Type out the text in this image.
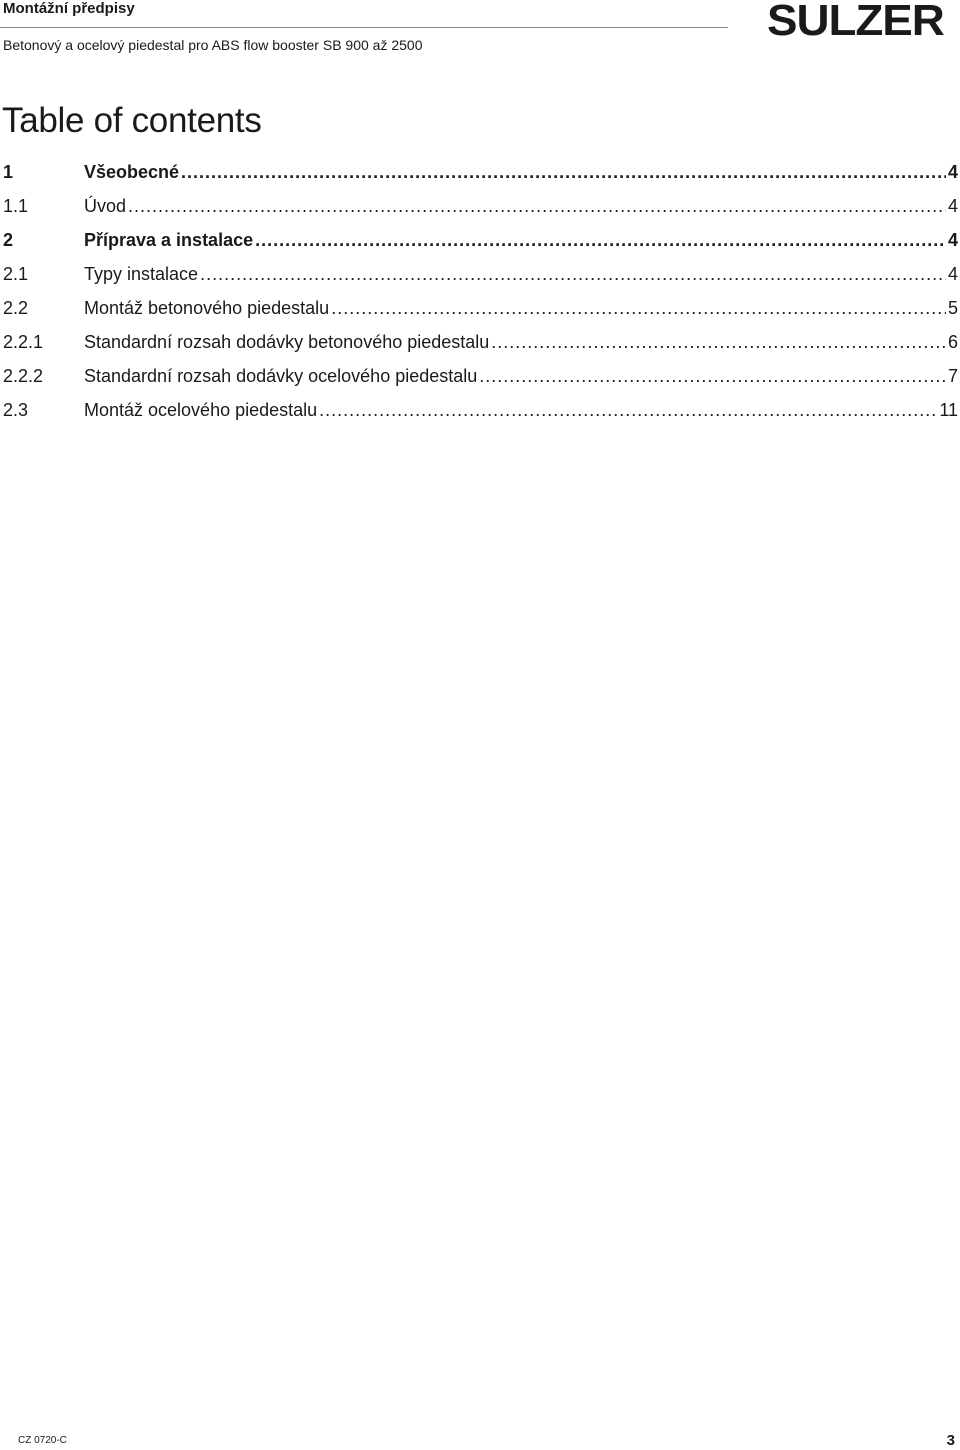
Montážní předpisy
Betonový a ocelový piedestal pro ABS flow booster SB 900 až 2500	SULZER
Table of contents
1	Všeobecné .....	4
1.1	Úvod .....	4
2	Příprava a instalace .....	4
2.1	Typy instalace .....	4
2.2	Montáž betonového piedestalu .....	5
2.2.1 Standardní rozsah dodávky betonového piedestalu .....	6
2.2.2 Standardní rozsah dodávky ocelového piedestalu .....	7
2.3	Montáž ocelového piedestalu .....	11
CZ 0720-C	3
